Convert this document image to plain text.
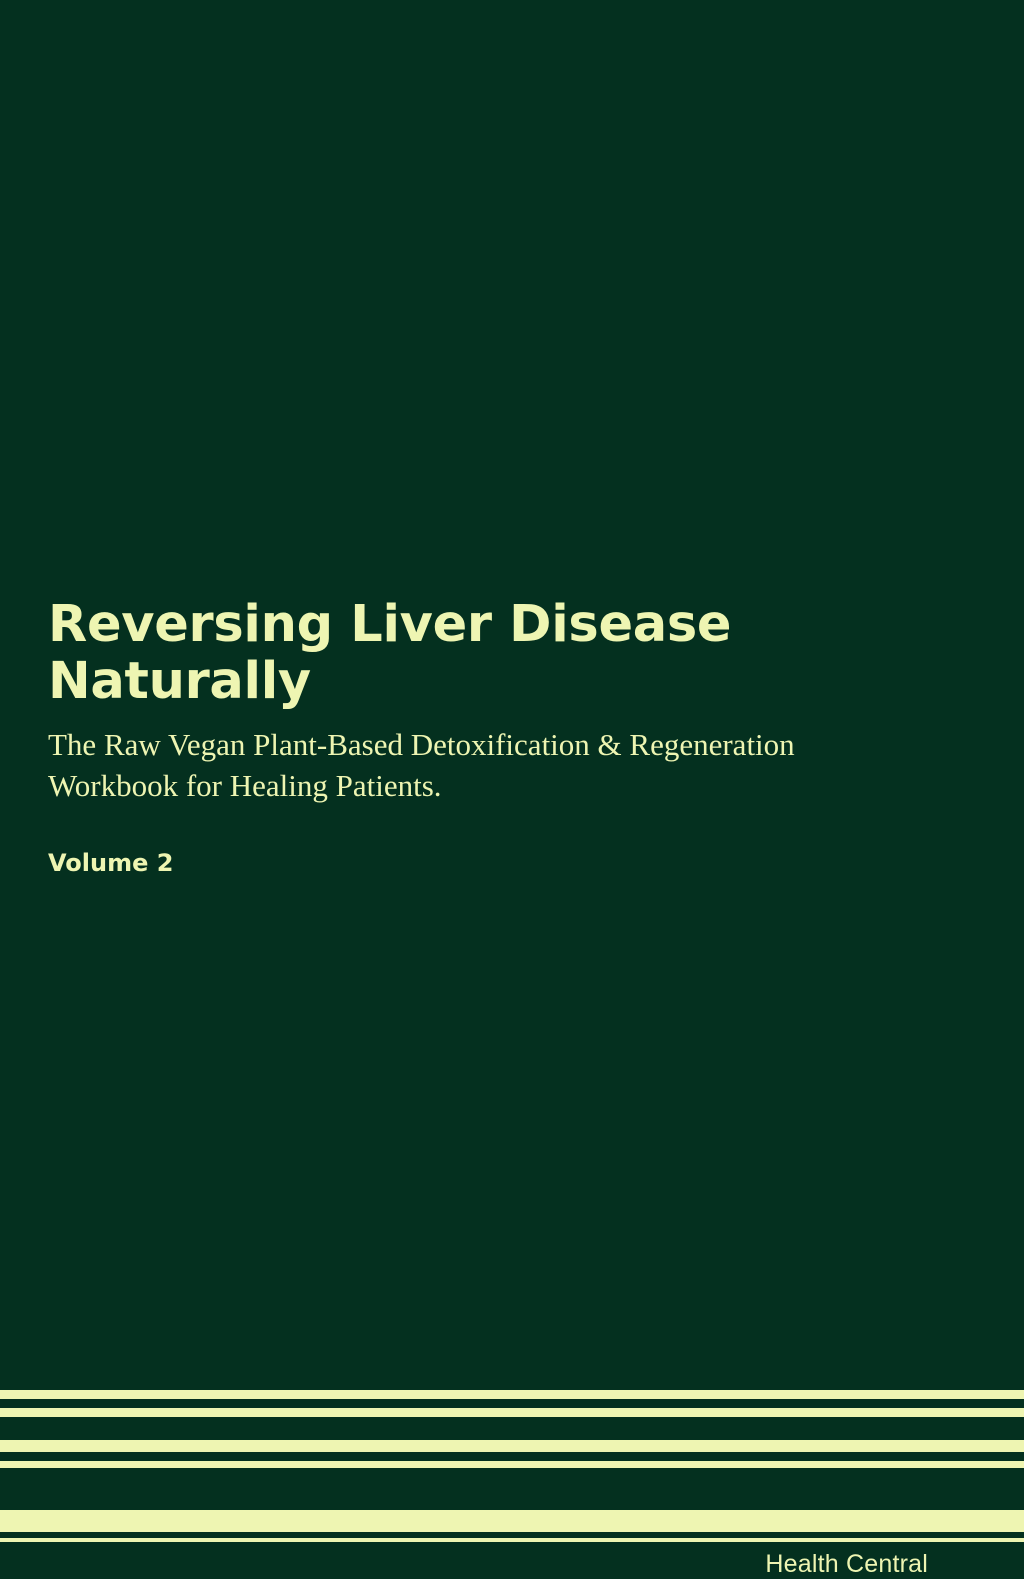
Reversing Liver Disease Naturally

The Raw Vegan Plant-Based Detoxification & Regeneration Workbook for Healing Patients.

Volume 2
Health Central
